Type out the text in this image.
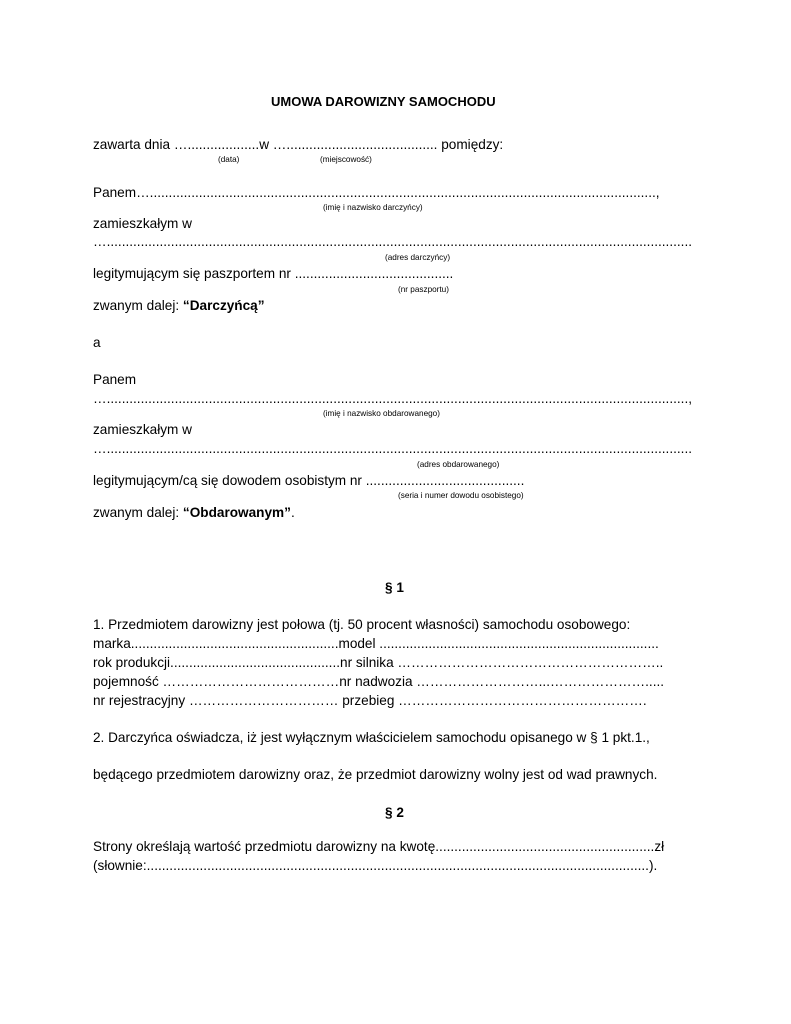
UMOWA DAROWIZNY SAMOCHODU
zawarta dnia …...................w …........................................ pomiędzy:
(data)	(miejscowość)
Panem…......................................................................................................................................,
(imię i nazwisko darczyńcy)
zamieszkałym w
…...........................................................................................................................................................
(adres darczyńcy)
legitymującym się paszportem nr ..........................................
(nr paszportu)
zwanym dalej: “Darczyńcą”
a
Panem
…..........................................................................................................................................................,
(imię i nazwisko obdarowanego)
zamieszkałym w
…...........................................................................................................................................................
(adres obdarowanego)
legitymującym/cą się dowodem osobistym nr ..........................................
(seria i numer dowodu osobistego)
zwanym dalej: “Obdarowanym”.
§ 1
1. Przedmiotem darowizny jest połowa (tj. 50 procent własności) samochodu osobowego:
marka.......................................................model ..........................................................................
rok produkcji.............................................nr silnika …………………………………………………..
pojemność …………………………………nr nadwozia ………………………...………………….....
nr rejestracyjny …………………………… przebieg ……………………………………………….
2. Darczyńca oświadcza, iż jest wyłącznym właścicielem samochodu opisanego w § 1 pkt.1.,
będącego przedmiotem darowizny oraz, że przedmiot darowizny wolny jest od wad prawnych.
§ 2
Strony określają wartość przedmiotu darowizny na kwotę..........................................................zł
(słownie:.....................................................................................................................................).
